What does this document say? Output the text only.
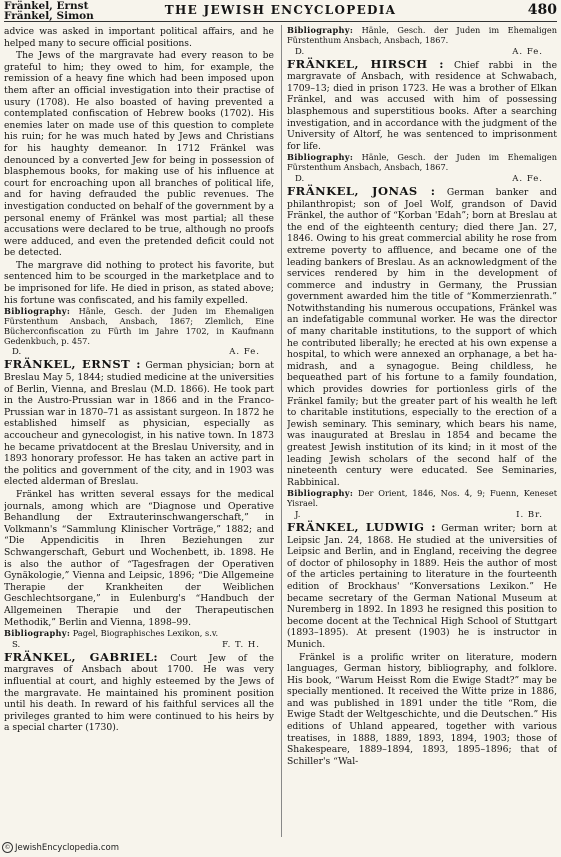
Fränkel, Ernst
Fränkel, Simon	THE JEWISH ENCYCLOPEDIA	480

advice was asked in important political affairs, and he helped many to secure official positions.

The Jews of the margravate had every reason to be grateful to him; they owed to him, for example, the remission of a heavy fine which had been imposed upon them after an official investigation into their practise of usury (1708). He also boasted of having prevented a contemplated confiscation of Hebrew books (1702). His enemies later on made use of this question to complete his ruin; for he was much hated by Jews and Christians for his haughty demeanor. In 1712 Fränkel was denounced by a converted Jew for being in possession of blasphemous books, for making use of his influence at court for encroaching upon all branches of political life, and for having defrauded the public revenues. The investigation conducted on behalf of the government by a personal enemy of Fränkel was most partial; all these accusations were declared to be true, although no proofs were adduced, and even the pretended deficit could not be detected.

The margrave did nothing to protect his favorite, but sentenced him to be scourged in the marketplace and to be imprisoned for life. He died in prison, as stated above; his fortune was confiscated, and his family expelled.

Bibliography: Hänle, Gesch. der Juden im Ehemaligen Fürstenthum Ansbach, Ansbach, 1867; Zlemlich, Eine Bücherconfiscation zu Fürth im Jahre 1702, in Kaufmann Gedenkbuch, p. 457.

D.	A. Fe.

FRÄNKEL, ERNST : German physician; born at Breslau May 5, 1844; studied medicine at the universities of Berlin, Vienna, and Breslau (M.D. 1866). He took part in the Austro-Prussian war in 1866 and in the Franco-Prussian war in 1870–71 as assistant surgeon. In 1872 he established himself as physician, especially as accoucheur and gynecologist, in his native town. In 1873 he became privatdocent at the Breslau University, and in 1893 honorary professor. He has taken an active part in the politics and government of the city, and in 1903 was elected alderman of Breslau.

Fränkel has written several essays for the medical journals, among which are “Diagnose und Operative Behandlung der Extrauterinschwangerschaft,” in Volkmann's “Sammlung Klinischer Vorträge,” 1882; and “Die Appendicitis in Ihren Beziehungen zur Schwangerschaft, Geburt und Wochenbett, ib. 1898. He is also the author of “Tagesfragen der Operativen Gynäkologie,” Vienna and Leipsic, 1896; “Die Allgemeine Therapie der Krankheiten der Weiblichen Geschlechtsorgane,” in Eulenburg's “Handbuch der Allgemeinen Therapie und der Therapeutischen Methodik,” Berlin and Vienna, 1898–99.

Bibliography: Pagel, Biographisches Lexikon, s.v.

S.	F. T. H.

FRÄNKEL, GABRIEL: Court Jew of the margraves of Ansbach about 1700. He was very influential at court, and highly esteemed by the Jews of the margravate. He maintained his prominent position until his death. In reward of his faithful services all the privileges granted to him were continued to his heirs by a special charter (1730).

Bibliography: Hänle, Gesch. der Juden im Ehemaligen Fürstenthum Ansbach, Ansbach, 1867.

D.	A. Fe.

FRÄNKEL, HIRSCH : Chief rabbi in the margravate of Ansbach, with residence at Schwabach, 1709–13; died in prison 1723. He was a brother of Elkan Fränkel, and was accused with him of possessing blasphemous and superstitious books. After a searching investigation, and in accordance with the judgment of the University of Altorf, he was sentenced to imprisonment for life.

Bibliography: Hänle, Gesch. der Juden im Ehemaligen Fürstenthum Ansbach, Ansbach, 1867.

D.	A. Fe.

FRÄNKEL, JONAS : German banker and philanthropist; son of Joel Wolf, grandson of David Fränkel, the author of “Ḳorban 'Edah”; born at Breslau at the end of the eighteenth century; died there Jan. 27, 1846. Owing to his great commercial ability he rose from extreme poverty to affluence, and became one of the leading bankers of Breslau. As an acknowledgment of the services rendered by him in the development of commerce and industry in Germany, the Prussian government awarded him the title of “Kommerzienrath.” Notwithstanding his numerous occupations, Fränkel was an indefatigable communal worker. He was the director of many charitable institutions, to the support of which he contributed liberally; he erected at his own expense a hospital, to which were annexed an orphanage, a bet ha-midrash, and a synagogue. Being childless, he bequeathed part of his fortune to a family foundation, which provides dowries for portionless girls of the Fränkel family; but the greater part of his wealth he left to charitable institutions, especially to the erection of a Jewish seminary. This seminary, which bears his name, was inaugurated at Breslau in 1854 and became the greatest Jewish institution of its kind; in it most of the leading Jewish scholars of the second half of the nineteenth century were educated. See Seminaries, Rabbinical.

Bibliography: Der Orient, 1846, Nos. 4, 9; Fuenn, Keneset Yisrael.

J.	I. Br.

FRÄNKEL, LUDWIG : German writer; born at Leipsic Jan. 24, 1868. He studied at the universities of Leipsic and Berlin, and in England, receiving the degree of doctor of philosophy in 1889. Heis the author of most of the articles pertaining to literature in the fourteenth edition of Brockhaus' “Konversations Lexikon.” He became secretary of the German National Museum at Nuremberg in 1892. In 1893 he resigned this position to become docent at the Technical High School of Stuttgart (1893–1895). At present (1903) he is instructor in Munich.

Fränkel is a prolific writer on literature, modern languages, German history, bibliography, and folklore. His book, “Warum Heisst Rom die Ewige Stadt?” may be specially mentioned. It received the Witte prize in 1886, and was published in 1891 under the title “Rom, die Ewige Stadt der Weltgeschichte, und die Deutschen.” His editions of Uhland appeared, together with various treatises, in 1888, 1889, 1893, 1894, 1903; those of Shakespeare, 1889–1894, 1893, 1895–1896; that of Schiller's “Wal-

© JewishEncyclopedia.com
